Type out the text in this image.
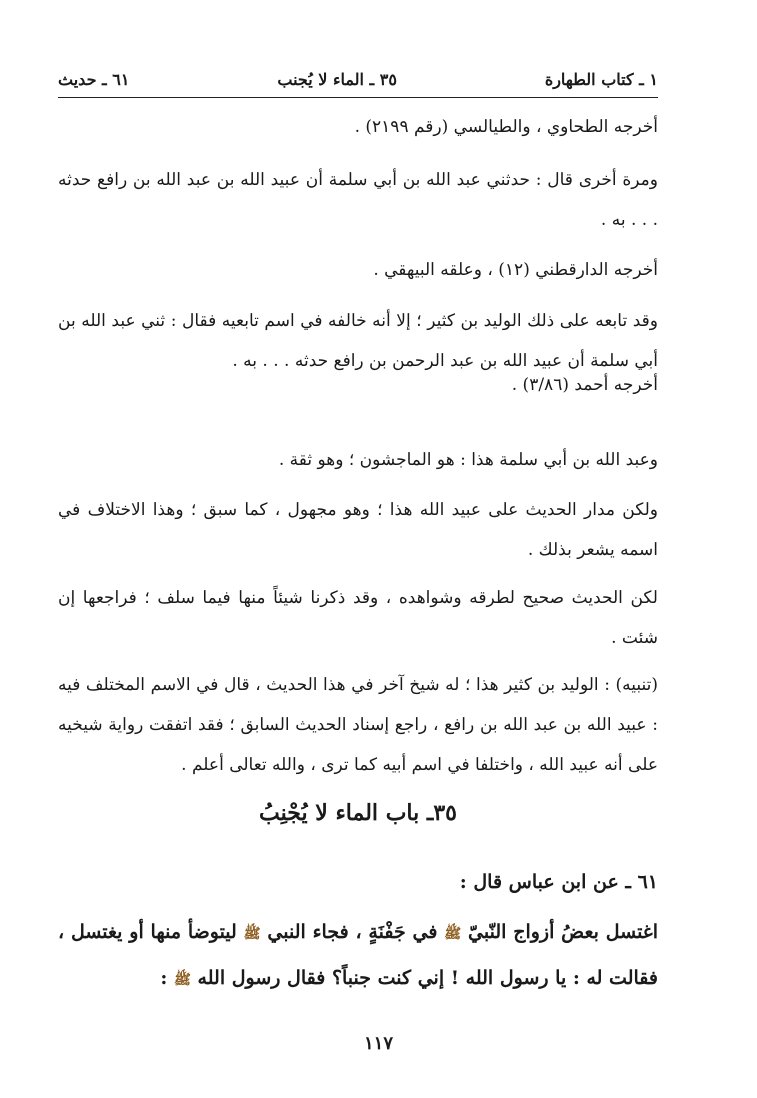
١ ـ كتاب الطهارة
٣٥ ـ الماء لا يُجنب
٦١ ـ حديث

أخرجه الطحاوي ، والطيالسي (رقم ٢١٩٩) .

ومرة أخرى قال : حدثني عبد الله بن أبي سلمة أن عبيد الله بن عبد الله بن رافع حدثه . . . به .

أخرجه الدارقطني (١٢) ، وعلقه البيهقي .

وقد تابعه على ذلك الوليد بن كثير ؛ إلا أنه خالفه في اسم تابعيه فقال : ثني عبد الله بن أبي سلمة أن عبيد الله بن عبد الرحمن بن رافع حدثه . . . به .

أخرجه أحمد (٣/٨٦) .

وعبد الله بن أبي سلمة هذا : هو الماجشون ؛ وهو ثقة .

ولكن مدار الحديث على عبيد الله هذا ؛ وهو مجهول ، كما سبق ؛ وهذا الاختلاف في اسمه يشعر بذلك .

لكن الحديث صحيح لطرقه وشواهده ، وقد ذكرنا شيئاً منها فيما سلف ؛ فراجعها إن شئت .

(تنبيه) : الوليد بن كثير هذا ؛ له شيخ آخر في هذا الحديث ، قال في الاسم المختلف فيه : عبيد الله بن عبد الله بن رافع ، راجع إسناد الحديث السابق ؛ فقد اتفقت رواية شيخيه على أنه عبيد الله ، واختلفا في اسم أبيه كما ترى ، والله تعالى أعلم .

٣٥ـ باب الماء لا يُجْنِبُ

٦١ ـ عن ابن عباس قال :

اغتسل بعضُ أزواج النّبيّ ﷺ في جَفْنَةٍ ، فجاء النبي ﷺ ليتوضأ منها أو يغتسل ، فقالت له : يا رسول الله ! إني كنت جنباً؟ فقال رسول الله ﷺ :

١١٧
